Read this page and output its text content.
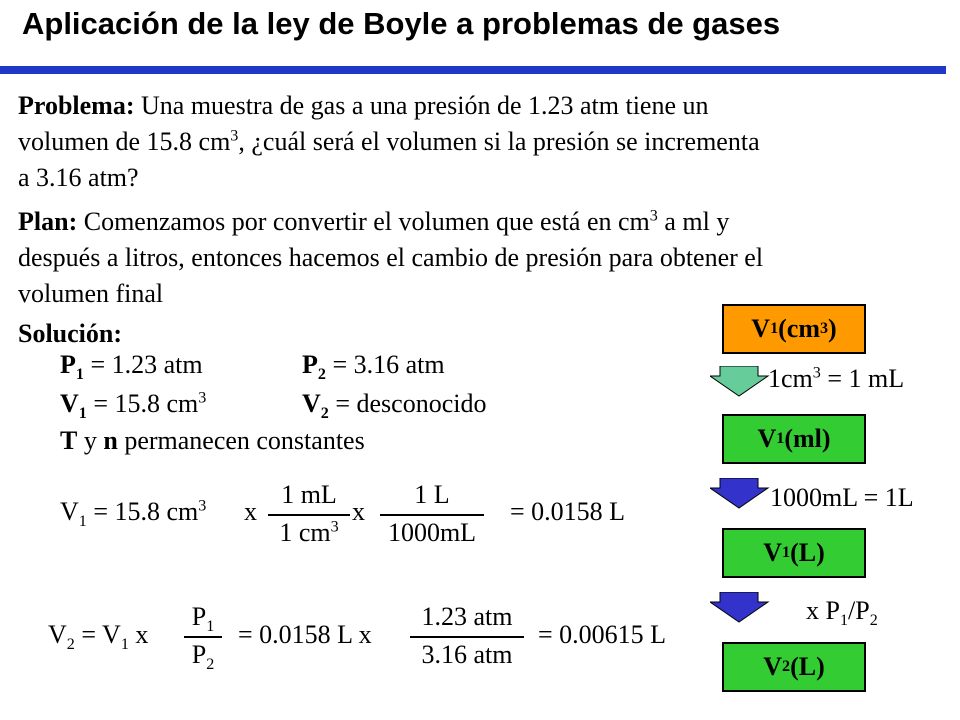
Aplicación de la ley de Boyle a problemas de gases
Problema: Una muestra de gas a una presión de 1.23 atm tiene un
volumen de 15.8 $cm^3$, ¿cuál será el volumen si la presión se incrementa
a 3.16 atm?
Plan: Comenzamos por convertir el volumen que está en $cm^3$ a ml y
después a litros, entonces hacemos el cambio de presión para obtener el
volumen final
Solución:
$P_1 = 1.23$ atm	$P_2 = 3.16$ atm
$V_1 = 15.8$ $cm^3$	$V_2$ = desconocido
T y n permanecen constantes
$V_1 = 15.8$ $cm^3$ x
1 mL
1 $cm^3$
x
1 L
1000mL
= 0.0158 L
$V_2 = V_1$ x
$P_1$
$P_2$
= 0.0158 L x
1.23 atm
3.16 atm
= 0.00615 L
V 1 (cm 3 )
$1cm^3 = 1$ mL
V 1 (ml)
1000mL = 1L
V 1 (L)
x $P_1/P_2$
V 2 (L)
